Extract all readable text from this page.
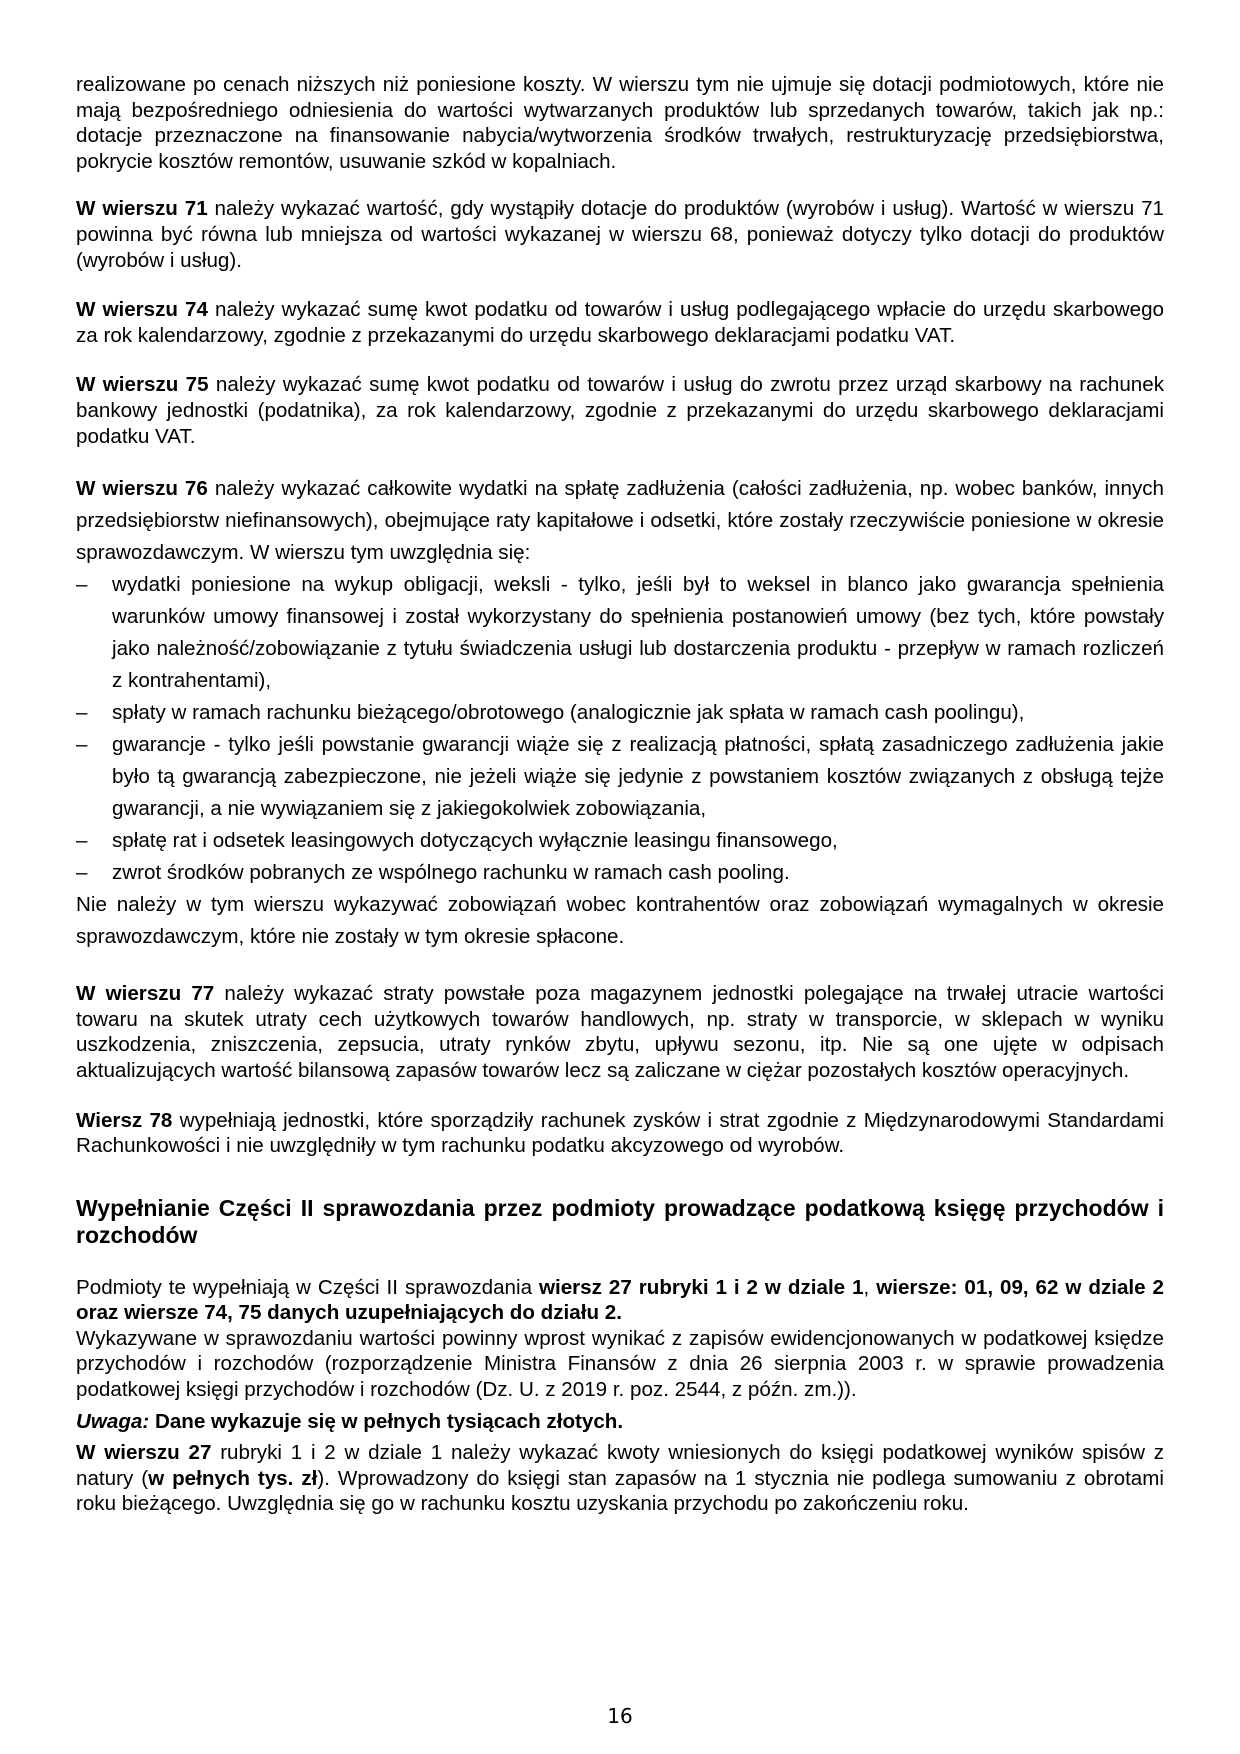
realizowane po cenach niższych niż poniesione koszty. W wierszu tym nie ujmuje się dotacji podmiotowych, które nie mają bezpośredniego odniesienia do wartości wytwarzanych produktów lub sprzedanych towarów, takich jak np.: dotacje przeznaczone na finansowanie nabycia/wytworzenia środków trwałych, restrukturyzację przedsiębiorstwa, pokrycie kosztów remontów, usuwanie szkód w kopalniach.

W wierszu 71 należy wykazać wartość, gdy wystąpiły dotacje do produktów (wyrobów i usług). Wartość w wierszu 71 powinna być równa lub mniejsza od wartości wykazanej w wierszu 68, ponieważ dotyczy tylko dotacji do produktów (wyrobów i usług).

W wierszu 74 należy wykazać sumę kwot podatku od towarów i usług podlegającego wpłacie do urzędu skarbowego za rok kalendarzowy, zgodnie z przekazanymi do urzędu skarbowego deklaracjami podatku VAT.

W wierszu 75 należy wykazać sumę kwot podatku od towarów i usług do zwrotu przez urząd skarbowy na rachunek bankowy jednostki (podatnika), za rok kalendarzowy, zgodnie z przekazanymi do urzędu skarbowego deklaracjami podatku VAT.

W wierszu 76 należy wykazać całkowite wydatki na spłatę zadłużenia (całości zadłużenia, np. wobec banków, innych przedsiębiorstw niefinansowych), obejmujące raty kapitałowe i odsetki, które zostały rzeczywiście poniesione w okresie sprawozdawczym. W wierszu tym uwzględnia się:

– wydatki poniesione na wykup obligacji, weksli - tylko, jeśli był to weksel in blanco jako gwarancja spełnienia warunków umowy finansowej i został wykorzystany do spełnienia postanowień umowy (bez tych, które powstały jako należność/zobowiązanie z tytułu świadczenia usługi lub dostarczenia produktu - przepływ w ramach rozliczeń z kontrahentami),
– spłaty w ramach rachunku bieżącego/obrotowego (analogicznie jak spłata w ramach cash poolingu),
– gwarancje - tylko jeśli powstanie gwarancji wiąże się z realizacją płatności, spłatą zasadniczego zadłużenia jakie było tą gwarancją zabezpieczone, nie jeżeli wiąże się jedynie z powstaniem kosztów związanych z obsługą tejże gwarancji, a nie wywiązaniem się z jakiegokolwiek zobowiązania,
– spłatę rat i odsetek leasingowych dotyczących wyłącznie leasingu finansowego,
– zwrot środków pobranych ze wspólnego rachunku w ramach cash pooling.

Nie należy w tym wierszu wykazywać zobowiązań wobec kontrahentów oraz zobowiązań wymagalnych w okresie sprawozdawczym, które nie zostały w tym okresie spłacone.

W wierszu 77 należy wykazać straty powstałe poza magazynem jednostki polegające na trwałej utracie wartości towaru na skutek utraty cech użytkowych towarów handlowych, np. straty w transporcie, w sklepach w wyniku uszkodzenia, zniszczenia, zepsucia, utraty rynków zbytu, upływu sezonu, itp. Nie są one ujęte w odpisach aktualizujących wartość bilansową zapasów towarów lecz są zaliczane w ciężar pozostałych kosztów operacyjnych.

Wiersz 78 wypełniają jednostki, które sporządziły rachunek zysków i strat zgodnie z Międzynarodowymi Standardami Rachunkowości i nie uwzględniły w tym rachunku podatku akcyzowego od wyrobów.

Wypełnianie Części II sprawozdania przez podmioty prowadzące podatkową księgę przychodów i rozchodów

Podmioty te wypełniają w Części II sprawozdania wiersz 27 rubryki 1 i 2 w dziale 1, wiersze: 01, 09, 62 w dziale 2 oraz wiersze 74, 75 danych uzupełniających do działu 2.

Wykazywane w sprawozdaniu wartości powinny wprost wynikać z zapisów ewidencjonowanych w podatkowej księdze przychodów i rozchodów (rozporządzenie Ministra Finansów z dnia 26 sierpnia 2003 r. w sprawie prowadzenia podatkowej księgi przychodów i rozchodów (Dz. U. z 2019 r. poz. 2544, z późn. zm.)).

Uwaga: Dane wykazuje się w pełnych tysiącach złotych.

W wierszu 27 rubryki 1 i 2 w dziale 1 należy wykazać kwoty wniesionych do księgi podatkowej wyników spisów z natury (w pełnych tys. zł). Wprowadzony do księgi stan zapasów na 1 stycznia nie podlega sumowaniu z obrotami roku bieżącego. Uwzględnia się go w rachunku kosztu uzyskania przychodu po zakończeniu roku.

16
